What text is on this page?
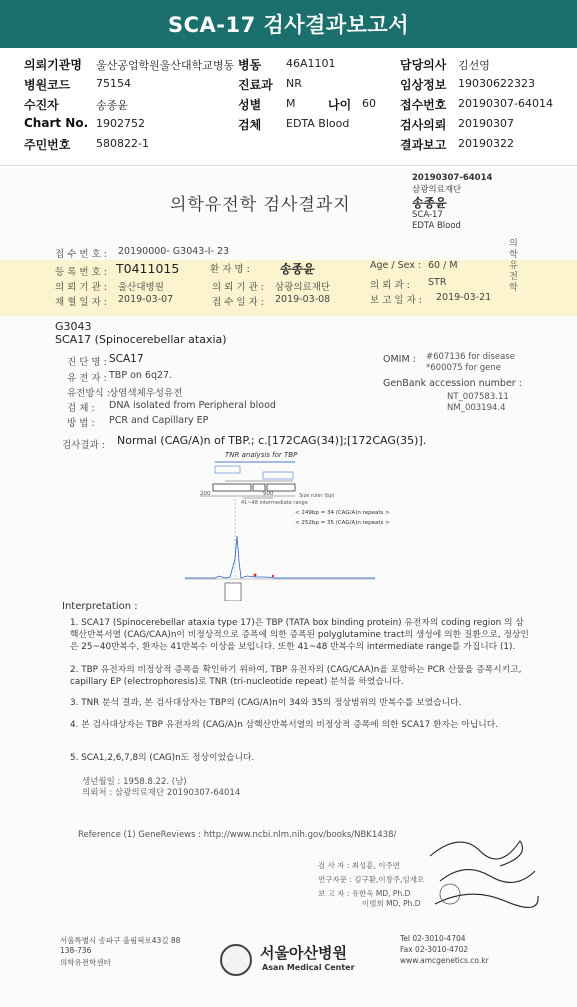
SCA-17 검사결과보고서
의뢰기관명 울산공업학원울산대학교병동 병동 46A1101	담당의사 김선영
병원코드 75154	진료과 NR	임상정보 19030622323
수진자	송종윤	성별 M	나이 60 접수번호 20190307-64014
Chart No. 1902752	검체 EDTA Blood	검사의뢰 20190307
주민번호 580822-1	결과보고 20190322
20190307-64014
삼광의료재단
송종윤
SCA-17
EDTA Blood
의학유전학 검사결과지
의학유전학
접 수 번 호 : 20190000- G3043-I- 23
등 록 번 호 : T0411015	환 자 명 :	송종윤	Age / Sex : 60 / M
의 뢰 기 관 : 울산대병원	의 뢰 기 관 : 삼광의료재단	의 뢰 과 : STR
채 혈 일 자 : 2019-03-07	접 수 일 자 : 2019-03-08	보 고 일 자 : 2019-03-21
G3043
SCA17 (Spinocerebellar ataxia)
진 단 명 : SCA17
유 전 자 : TBP on 6q27.
유전방식 : 상염색체우성유전
검 체 : DNA isolated from Peripheral blood
방 법 : PCR and Capillary EP
OMIM : #607136 for disease
*600075 for gene
GenBank accession number :
NT_007583.11
NM_003194.4
검사결과 : Normal (CAG/A)n of TBP.; c.[172CAG(34)];[172CAG(35)].
TNR analysis for TBP
200	900	Size ruler (bp)
41~48 intermediate range
< 249bp = 34 (CAG/A)n repeats >
< 252bp = 35 (CAG/A)n repeats >
Interpretation :

1. SCA17 (Spinocerebellar ataxia type 17)은 TBP (TATA box binding protein) 유전자의 coding region 의 삼핵산반복서열 (CAG/CAA)n이 비정상적으로 증폭에 의한 증폭된 polyglutamine tract의 생성에 의한 질환으로, 정상인은 25~40반복수, 환자는 41반복수 이상을 보입니다. 또한 41~48 반복수의 intermediate range를 가집니다 (1).

2. TBP 유전자의 비정상적 증폭을 확인하기 위하여, TBP 유전자의 (CAG/CAA)n을 포함하는 PCR 산물을 증폭시키고, capillary EP (electrophoresis)로 TNR (tri-nucleotide repeat) 분석을 하였습니다.

3. TNR 분석 결과, 본 검사대상자는 TBP의 (CAG/A)n이 34와 35의 정상범위의 반복수를 보였습니다.

4. 본 검사대상자는 TBP 유전자의 (CAG/A)n 삼핵산반복서열의 비정상적 증폭에 의한 SCA17 환자는 아닙니다.

5. SCA1,2,6,7,8의 (CAG)n도 정상이었습니다.

생년월일 : 1958.8.22. (남)
의뢰처 : 삼광의료재단 20190307-64014
Reference (1) GeneReviews : http://www.ncbi.nlm.nih.gov/books/NBK1438/
검 사 자 : 최성훈, 이주연
연구자문 : 김구환,이창주,임재오
보 고 자 : 유한욱 MD, Ph.D
이범희 MD, Ph.D
서울특별시 송파구 올림픽로43길 88
138-736
의학유전학센터
서울아산병원
Asan Medical Center
Tel 02-3010-4704
Fax 02-3010-4702
www.amcgenetics.co.kr
